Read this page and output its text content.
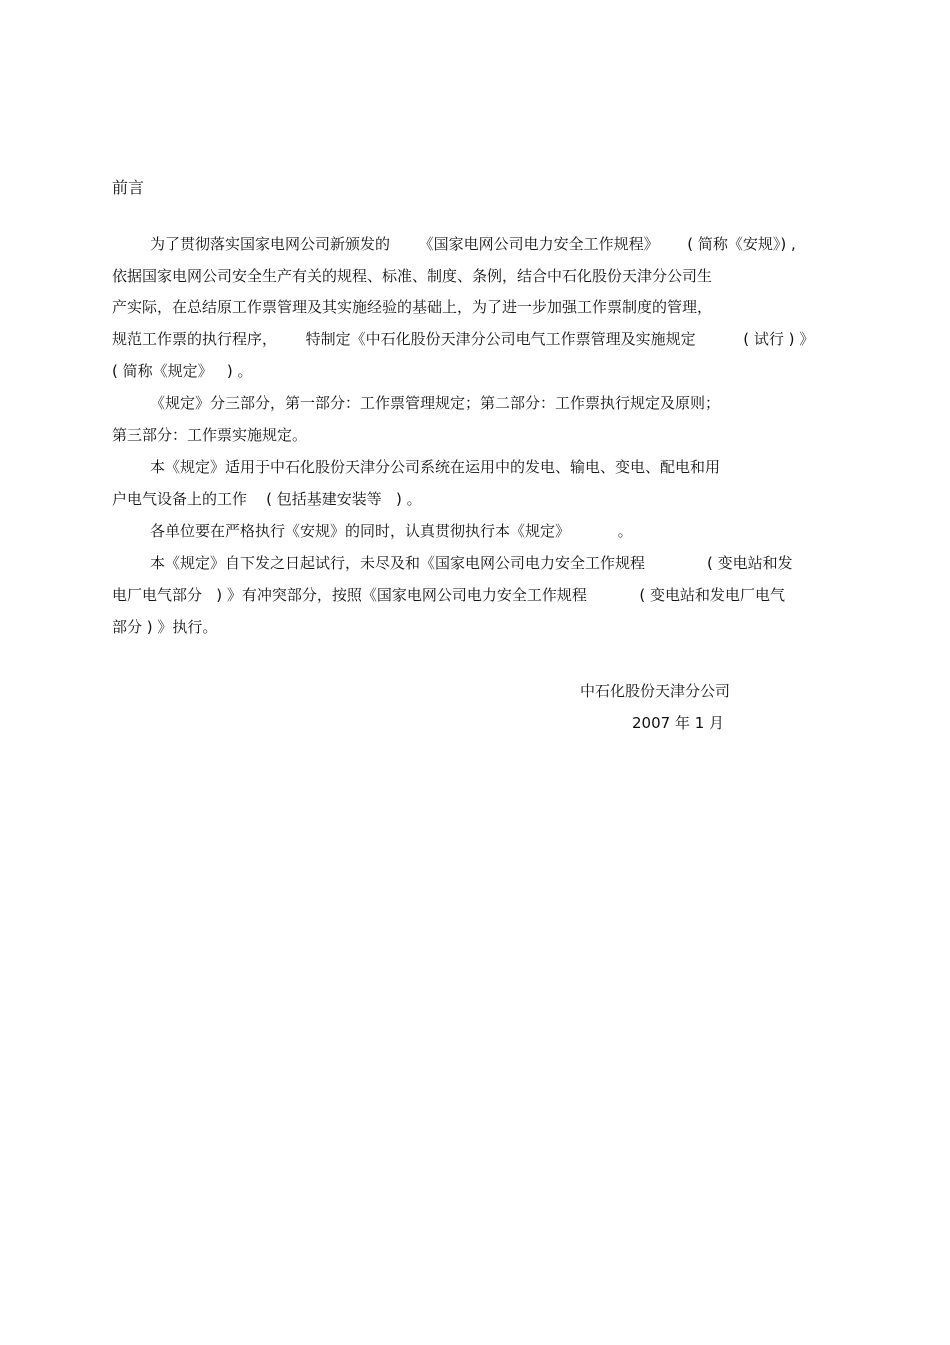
前言
为了贯彻落实国家电网公司新颁发的      《国家电网公司电力安全工作规程》      ( 简称《安规》) ,
依据国家电网公司安全生产有关的规程、标准、制度、条例，结合中石化股份天津分公司生
产实际，在总结原工作票管理及其实施经验的基础上，为了进一步加强工作票制度的管理，
规范工作票的执行程序，      特制定《中石化股份天津分公司电气工作票管理及实施规定          ( 试行 ) 》
( 简称《规定》   ) 。
《规定》分三部分，第一部分：工作票管理规定；第二部分：工作票执行规定及原则；
第三部分：工作票实施规定。
本《规定》适用于中石化股份天津分公司系统在运用中的发电、输电、变电、配电和用
户电气设备上的工作    ( 包括基建安装等   ) 。
各单位要在严格执行《安规》的同时，认真贯彻执行本《规定》          。
本《规定》自下发之日起试行，未尽及和《国家电网公司电力安全工作规程             ( 变电站和发
电厂电气部分   ) 》有冲突部分，按照《国家电网公司电力安全工作规程           ( 变电站和发电厂电气
部分 ) 》执行。
中石化股份天津分公司
2007 年 1 月
